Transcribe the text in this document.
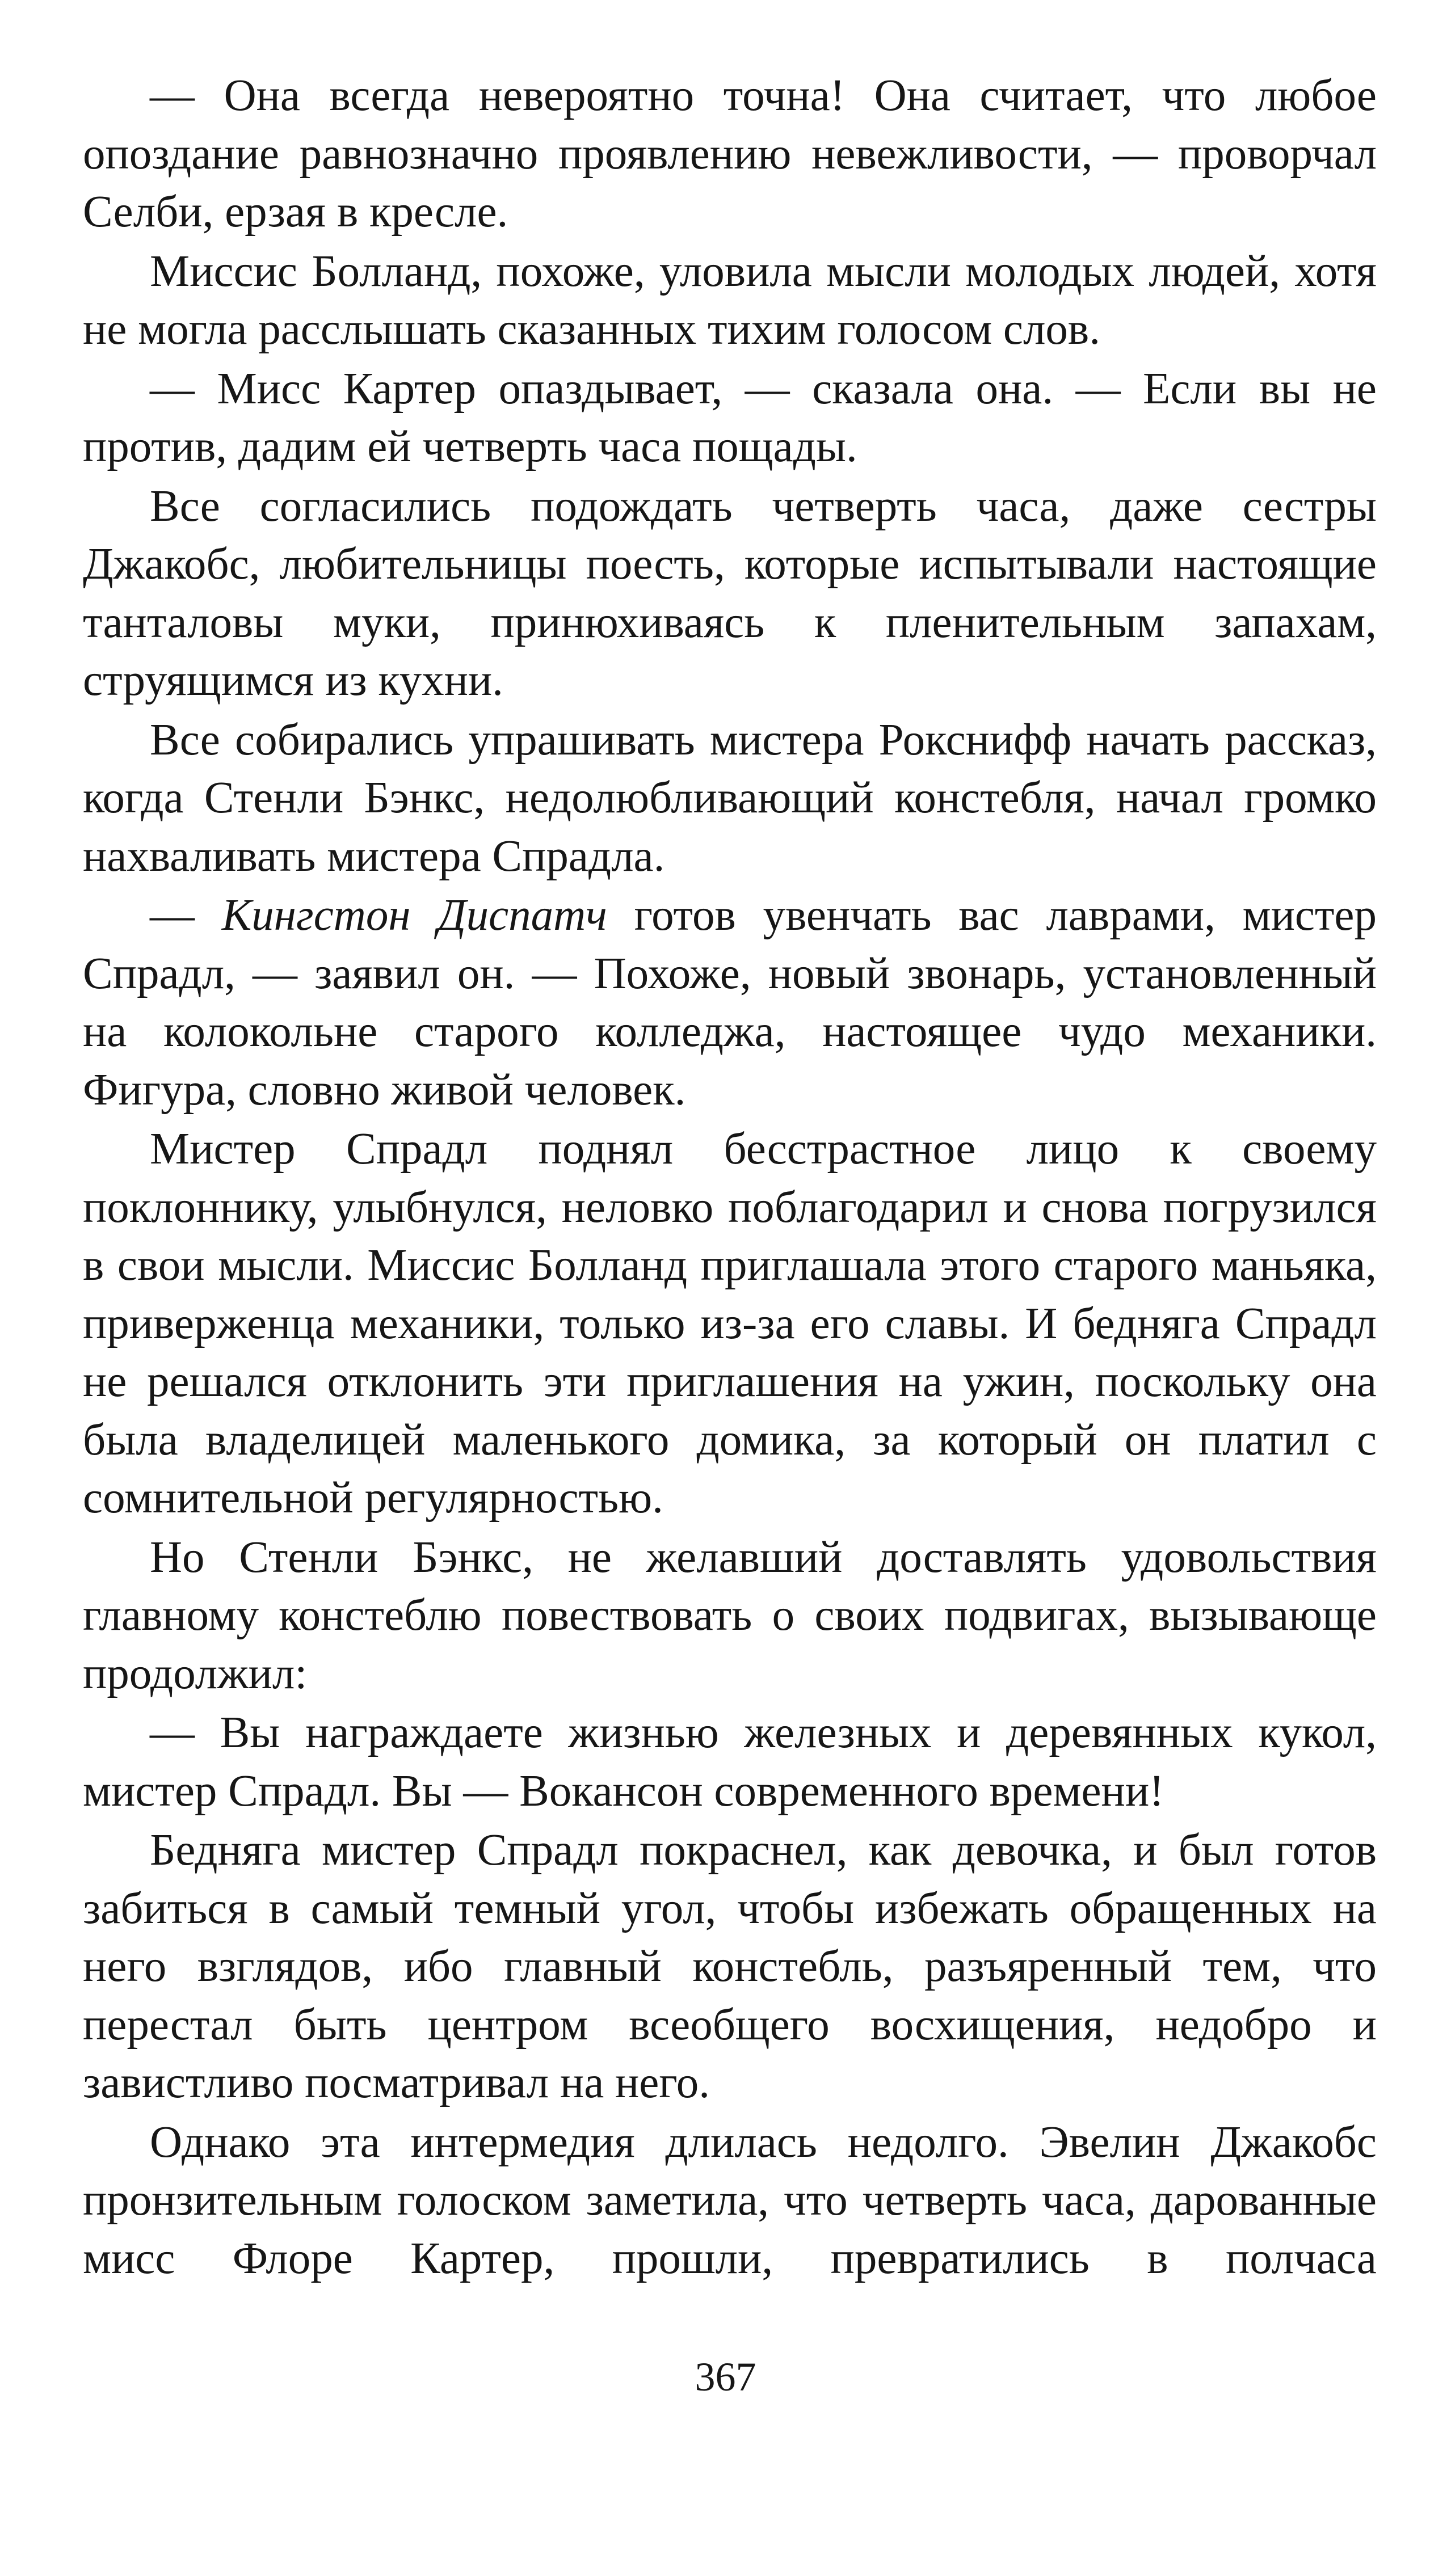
— Она всегда невероятно точна! Она считает, что любое опоздание равнозначно проявлению невежливости, — проворчал Селби, ерзая в кресле.

Миссис Болланд, похоже, уловила мысли молодых людей, хотя не могла расслышать сказанных тихим голосом слов.

— Мисс Картер опаздывает, — сказала она. — Если вы не против, дадим ей четверть часа пощады.

Все согласились подождать четверть часа, даже сестры Джакобс, любительницы поесть, которые испытывали настоящие танталовы муки, принюхиваясь к пленительным запахам, струящимся из кухни.

Все собирались упрашивать мистера Рокснифф начать рассказ, когда Стенли Бэнкс, недолюбливающий констебля, начал громко нахваливать мистера Спрадла.

— Кингстон Диспатч готов увенчать вас лаврами, мистер Спрадл, — заявил он. — Похоже, новый звонарь, установленный на колокольне старого колледжа, настоящее чудо механики. Фигура, словно живой человек.

Мистер Спрадл поднял бесстрастное лицо к своему поклоннику, улыбнулся, неловко поблагодарил и снова погрузился в свои мысли. Миссис Болланд приглашала этого старого маньяка, приверженца механики, только из-за его славы. И бедняга Спрадл не решался отклонить эти приглашения на ужин, поскольку она была владелицей маленького домика, за который он платил с сомнительной регулярностью.

Но Стенли Бэнкс, не желавший доставлять удовольствия главному констеблю повествовать о своих подвигах, вызывающе продолжил:

— Вы награждаете жизнью железных и деревянных кукол, мистер Спрадл. Вы — Вокансон современного времени!

Бедняга мистер Спрадл покраснел, как девочка, и был готов забиться в самый темный угол, чтобы избежать обращенных на него взглядов, ибо главный констебль, разъяренный тем, что перестал быть центром всеобщего восхищения, недобро и завистливо посматривал на него.

Однако эта интермедия длилась недолго. Эвелин Джакобс пронзительным голоском заметила, что четверть часа, дарованные мисс Флоре Картер, прошли, превратились в полчаса

367
